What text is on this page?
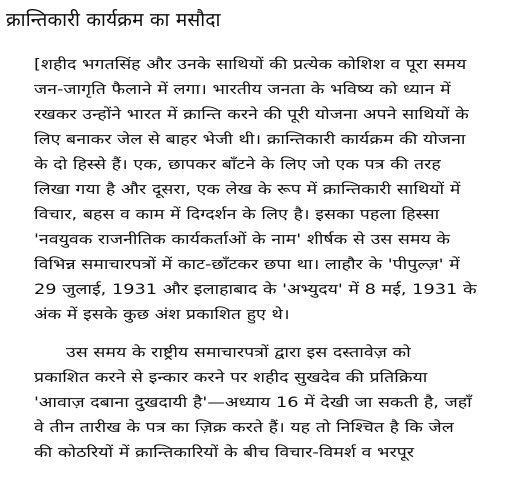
क्रान्तिकारी कार्यक्रम का मसौदा
[शहीद भगतसिंह और उनके साथियों की प्रत्येक कोशिश व पूरा समय
जन-जागृति फैलाने में लगा। भारतीय जनता के भविष्य को ध्यान में
रखकर उन्होंने भारत में क्रान्ति करने की पूरी योजना अपने साथियों के
लिए बनाकर जेल से बाहर भेजी थी। क्रान्तिकारी कार्यक्रम की योजना
के दो हिस्से हैं। एक, छापकर बाँटने के लिए जो एक पत्र की तरह
लिखा गया है और दूसरा, एक लेख के रूप में क्रान्तिकारी साथियों में
विचार, बहस व काम में दिग्दर्शन के लिए है। इसका पहला हिस्सा
'नवयुवक राजनीतिक कार्यकर्ताओं के नाम' शीर्षक से उस समय के
विभिन्न समाचारपत्रों में काट-छाँटकर छपा था। लाहौर के 'पीपुल्ज़' में
29 जुलाई, 1931 और इलाहाबाद के 'अभ्युदय' में 8 मई, 1931 के
अंक में इसके कुछ अंश प्रकाशित हुए थे।
उस समय के राष्ट्रीय समाचारपत्रों द्वारा इस दस्तावेज़ को
प्रकाशित करने से इन्कार करने पर शहीद सुखदेव की प्रतिक्रिया
'आवाज़ दबाना दुखदायी है'—अध्याय 16 में देखी जा सकती है, जहाँ
वे तीन तारीख के पत्र का ज़िक्र करते हैं। यह तो निश्चित है कि जेल
की कोठरियों में क्रान्तिकारियों के बीच विचार-विमर्श व भरपूर
